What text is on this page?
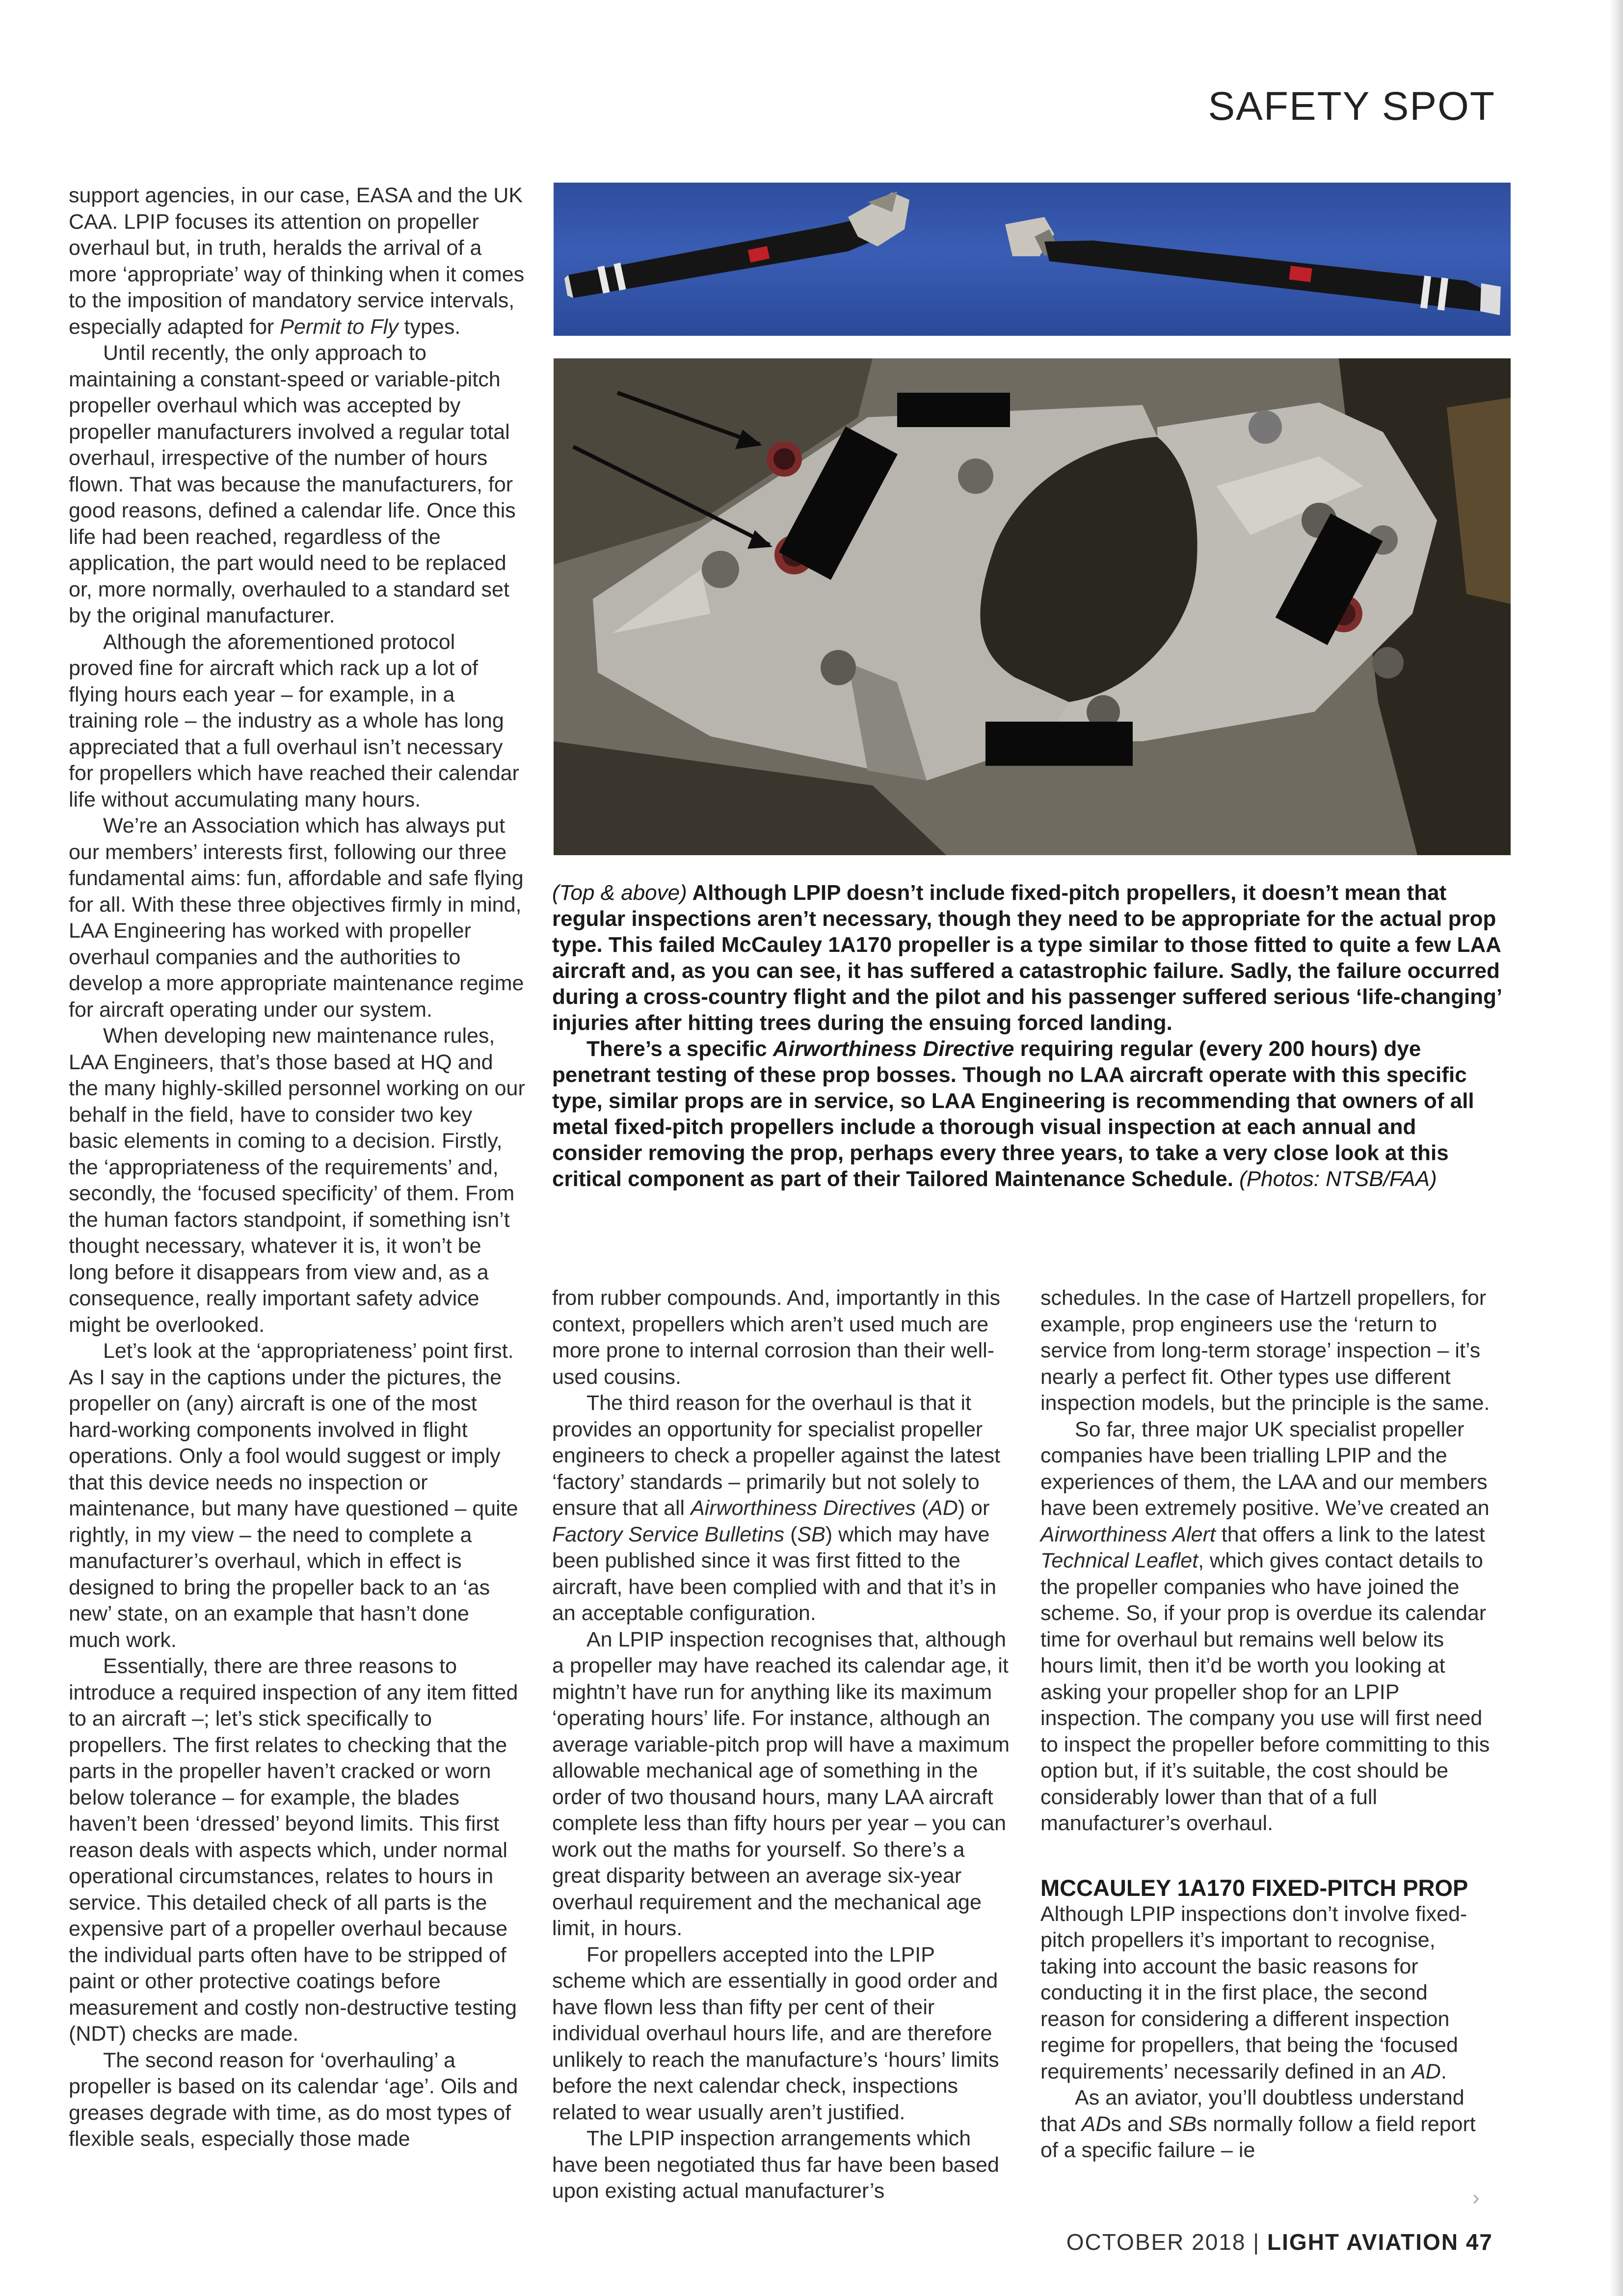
SAFETY SPOT

support agencies, in our case, EASA and the UK CAA. LPIP focuses its attention on propeller overhaul but, in truth, heralds the arrival of a more ‘appropriate’ way of thinking when it comes to the imposition of mandatory service intervals, especially adapted for Permit to Fly types.

Until recently, the only approach to maintaining a constant-speed or variable-pitch propeller overhaul which was accepted by propeller manufacturers involved a regular total overhaul, irrespective of the number of hours flown. That was because the manufacturers, for good reasons, defined a calendar life. Once this life had been reached, regardless of the application, the part would need to be replaced or, more normally, overhauled to a standard set by the original manufacturer.

Although the aforementioned protocol proved fine for aircraft which rack up a lot of flying hours each year – for example, in a training role – the industry as a whole has long appreciated that a full overhaul isn’t necessary for propellers which have reached their calendar life without accumulating many hours.

We’re an Association which has always put our members’ interests first, following our three fundamental aims: fun, affordable and safe flying for all. With these three objectives firmly in mind, LAA Engineering has worked with propeller overhaul companies and the authorities to develop a more appropriate maintenance regime for aircraft operating under our system.

When developing new maintenance rules, LAA Engineers, that’s those based at HQ and the many highly-skilled personnel working on our behalf in the field, have to consider two key basic elements in coming to a decision. Firstly, the ‘appropriateness of the requirements’ and, secondly, the ‘focused specificity’ of them. From the human factors standpoint, if something isn’t thought necessary, whatever it is, it won’t be long before it disappears from view and, as a consequence, really important safety advice might be overlooked.

Let’s look at the ‘appropriateness’ point first. As I say in the captions under the pictures, the propeller on (any) aircraft is one of the most hard-working components involved in flight operations. Only a fool would suggest or imply that this device needs no inspection or maintenance, but many have questioned – quite rightly, in my view – the need to complete a manufacturer’s overhaul, which in effect is designed to bring the propeller back to an ‘as new’ state, on an example that hasn’t done much work.

Essentially, there are three reasons to introduce a required inspection of any item fitted to an aircraft –; let’s stick specifically to propellers. The first relates to checking that the parts in the propeller haven’t cracked or worn below tolerance – for example, the blades haven’t been ‘dressed’ beyond limits. This first reason deals with aspects which, under normal operational circumstances, relates to hours in service. This detailed check of all parts is the expensive part of a propeller overhaul because the individual parts often have to be stripped of paint or other protective coatings before measurement and costly non-destructive testing (NDT) checks are made.

The second reason for ‘overhauling’ a propeller is based on its calendar ‘age’. Oils and greases degrade with time, as do most types of flexible seals, especially those made

(Top & above) Although LPIP doesn’t include fixed-pitch propellers, it doesn’t mean that regular inspections aren’t necessary, though they need to be appropriate for the actual prop type. This failed McCauley 1A170 propeller is a type similar to those fitted to quite a few LAA aircraft and, as you can see, it has suffered a catastrophic failure. Sadly, the failure occurred during a cross-country flight and the pilot and his passenger suffered serious ‘life-changing’ injuries after hitting trees during the ensuing forced landing.

There’s a specific Airworthiness Directive requiring regular (every 200 hours) dye penetrant testing of these prop bosses. Though no LAA aircraft operate with this specific type, similar props are in service, so LAA Engineering is recommending that owners of all metal fixed-pitch propellers include a thorough visual inspection at each annual and consider removing the prop, perhaps every three years, to take a very close look at this critical component as part of their Tailored Maintenance Schedule. (Photos: NTSB/FAA)

from rubber compounds. And, importantly in this context, propellers which aren’t used much are more prone to internal corrosion than their well-used cousins.

The third reason for the overhaul is that it provides an opportunity for specialist propeller engineers to check a propeller against the latest ‘factory’ standards – primarily but not solely to ensure that all Airworthiness Directives (AD) or Factory Service Bulletins (SB) which may have been published since it was first fitted to the aircraft, have been complied with and that it’s in an acceptable configuration.

An LPIP inspection recognises that, although a propeller may have reached its calendar age, it mightn’t have run for anything like its maximum ‘operating hours’ life. For instance, although an average variable-pitch prop will have a maximum allowable mechanical age of something in the order of two thousand hours, many LAA aircraft complete less than fifty hours per year – you can work out the maths for yourself. So there’s a great disparity between an average six-year overhaul requirement and the mechanical age limit, in hours.

For propellers accepted into the LPIP scheme which are essentially in good order and have flown less than fifty per cent of their individual overhaul hours life, and are therefore unlikely to reach the manufacture’s ‘hours’ limits before the next calendar check, inspections related to wear usually aren’t justified.

The LPIP inspection arrangements which have been negotiated thus far have been based upon existing actual manufacturer’s

schedules. In the case of Hartzell propellers, for example, prop engineers use the ‘return to service from long-term storage’ inspection – it’s nearly a perfect fit. Other types use different inspection models, but the principle is the same.

So far, three major UK specialist propeller companies have been trialling LPIP and the experiences of them, the LAA and our members have been extremely positive. We’ve created an Airworthiness Alert that offers a link to the latest Technical Leaflet, which gives contact details to the propeller companies who have joined the scheme. So, if your prop is overdue its calendar time for overhaul but remains well below its hours limit, then it’d be worth you looking at asking your propeller shop for an LPIP inspection. The company you use will first need to inspect the propeller before committing to this option but, if it’s suitable, the cost should be considerably lower than that of a full manufacturer’s overhaul.

MCCAULEY 1A170 FIXED-PITCH PROP

Although LPIP inspections don’t involve fixed-pitch propellers it’s important to recognise, taking into account the basic reasons for conducting it in the first place, the second reason for considering a different inspection regime for propellers, that being the ‘focused requirements’ necessarily defined in an AD.

As an aviator, you’ll doubtless understand that ADs and SBs normally follow a field report of a specific failure – ie

›
OCTOBER 2018 | LIGHT AVIATION 47
